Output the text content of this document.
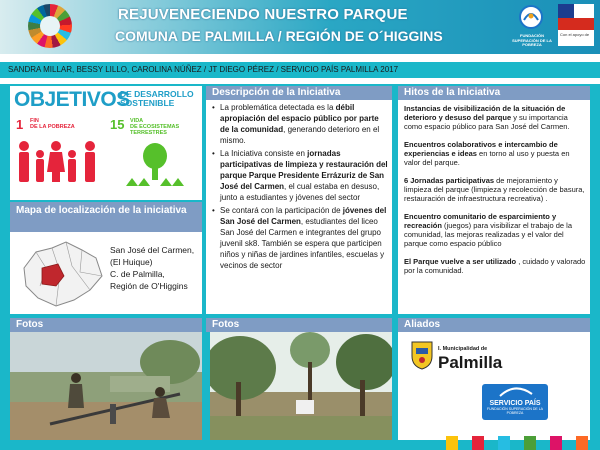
REJUVENECIENDO NUESTRO PARQUE
COMUNA DE PALMILLA / REGIÓN DE O´HIGGINS	FUNDACIÓN SUPERACIÓN DE LA POBREZA
Con el apoyo de
SANDRA MILLAR, BESSY LILLO, CAROLINA NÚÑEZ / JT DIEGO PÉREZ / SERVICIO PAÍS PALMILLA 2017
OBJETIVOS
DE DESARROLLO
SOSTENIBLE
1 FIN
DE LA POBREZA	15 VIDA
DE ECOSISTEMAS
TERRESTRES
Mapa de localización de la iniciativa
San José del Carmen,
(El Huique)
C. de Palmilla,
Región de O'Higgins
Fotos
Descripción de la Iniciativa
• La problemática detectada es la débil apropiación del espacio público por parte de la comunidad, generando deterioro en el mismo.
• La Iniciativa consiste en jornadas participativas de limpieza y restauración del parque Parque Presidente Errázuriz de San José del Carmen, el cual estaba en desuso, junto a estudiantes y jóvenes del sector
• Se contará con la participación de jóvenes del San José del Carmen, estudiantes del liceo San José del Carmen e integrantes del grupo juvenil sk8. También se espera que participen niños y niñas de jardines infantiles, escuelas y vecinos de sector
Fotos
Hitos de la Iniciativa

Instancias de visibilización de la situación de deterioro y desuso del parque y su importancia como espacio público para San José del Carmen.

Encuentros colaborativos e intercambio de experiencias e ideas en torno al uso y puesta en valor del parque.

6 Jornadas participativas de mejoramiento y limpieza del parque (limpieza y recolección de basura, restauración de infraestructura recreativa) .

Encuentro comunitario de esparcimiento y recreación (juegos) para visibilizar el trabajo de la comunidad, las mejoras realizadas y el valor del parque como espacio público

El Parque vuelve a ser utilizado , cuidado y valorado por la comunidad.

Aliados
I. Municipalidad de
Palmilla
SERVICIO PAÍS
FUNDACIÓN SUPERACIÓN DE LA POBREZA
